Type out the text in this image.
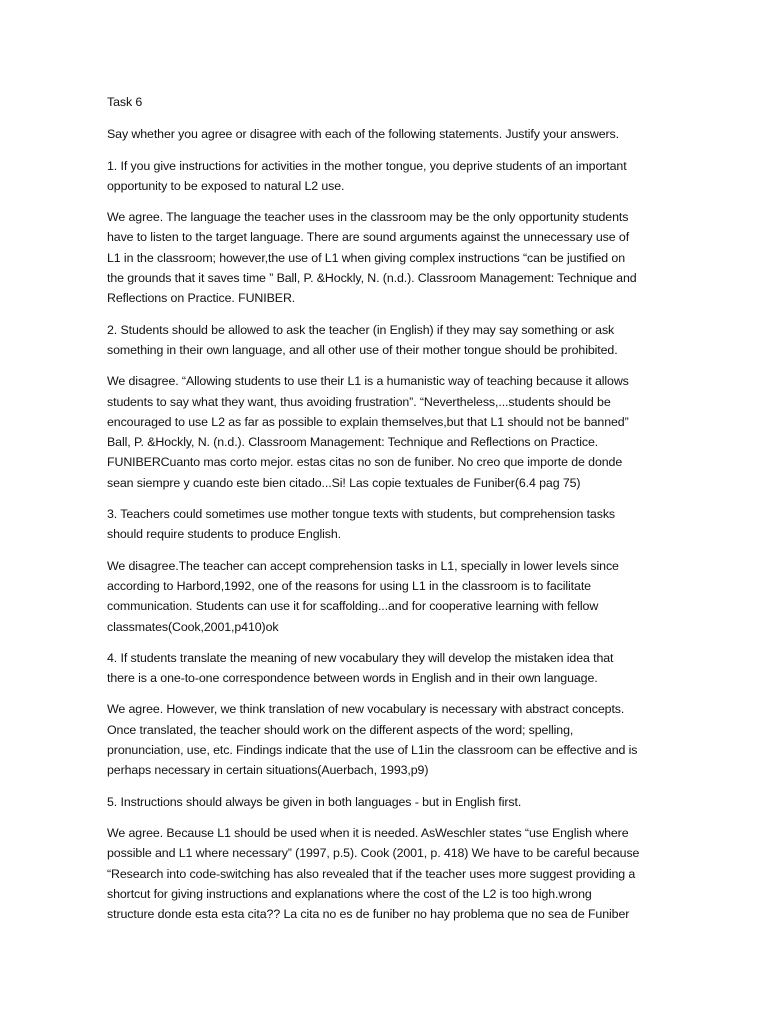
Task 6

Say whether you agree or disagree with each of the following statements. Justify your answers.

1. If you give instructions for activities in the mother tongue, you deprive students of an important
opportunity to be exposed to natural L2 use.

We agree. The language the teacher uses in the classroom may be the only opportunity students
have to listen to the target language. There are sound arguments against the unnecessary use of
L1 in the classroom; however,the use of L1 when giving complex instructions “can be justified on
the grounds that it saves time ” Ball, P. &Hockly, N. (n.d.). Classroom Management: Technique and
Reflections on Practice. FUNIBER.

2. Students should be allowed to ask the teacher (in English) if they may say something or ask
something in their own language, and all other use of their mother tongue should be prohibited.

We disagree. “Allowing students to use their L1 is a humanistic way of teaching because it allows
students to say what they want, thus avoiding frustration”. “Nevertheless,...students should be
encouraged to use L2 as far as possible to explain themselves,but that L1 should not be banned”
Ball, P. &Hockly, N. (n.d.). Classroom Management: Technique and Reflections on Practice.
FUNIBERCuanto mas corto mejor. estas citas no son de funiber. No creo que importe de donde
sean siempre y cuando este bien citado...Si! Las copie textuales de Funiber(6.4 pag 75)

3. Teachers could sometimes use mother tongue texts with students, but comprehension tasks
should require students to produce English.

We disagree.The teacher can accept comprehension tasks in L1, specially in lower levels since
according to Harbord,1992, one of the reasons for using L1 in the classroom is to facilitate
communication. Students can use it for scaffolding...and for cooperative learning with fellow
classmates(Cook,2001,p410)ok

4. If students translate the meaning of new vocabulary they will develop the mistaken idea that
there is a one-to-one correspondence between words in English and in their own language.

We agree. However, we think translation of new vocabulary is necessary with abstract concepts.
Once translated, the teacher should work on the different aspects of the word; spelling,
pronunciation, use, etc. Findings indicate that the use of L1in the classroom can be effective and is
perhaps necessary in certain situations(Auerbach, 1993,p9)

5. Instructions should always be given in both languages - but in English first.

We agree. Because L1 should be used when it is needed. AsWeschler states “use English where
possible and L1 where necessary” (1997, p.5). Cook (2001, p. 418) We have to be careful because
“Research into code-switching has also revealed that if the teacher uses more suggest providing a
shortcut for giving instructions and explanations where the cost of the L2 is too high.wrong
structure donde esta esta cita?? La cita no es de funiber no hay problema que no sea de Funiber
